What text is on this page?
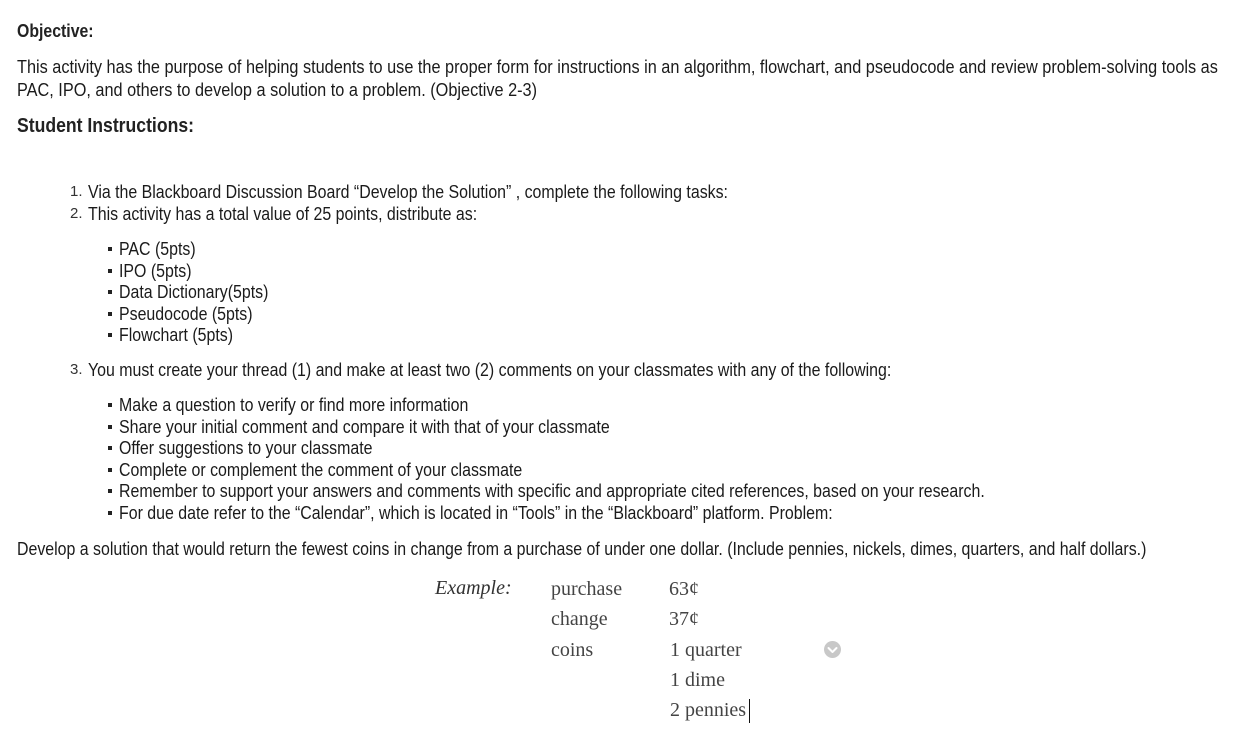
Objective:
This activity has the purpose of helping students to use the proper form for instructions in an algorithm, flowchart, and pseudocode and review problem-solving tools as PAC, IPO, and others to develop a solution to a problem. (Objective 2-3)
Student Instructions:
Develop a solution that would return the fewest coins in change from a purchase of under one dollar. (Include pennies, nickels, dimes, quarters, and half dollars.)
1. Via the Blackboard Discussion Board “Develop the Solution” , complete the following tasks:
2. This activity has a total value of 25 points, distribute as:
PAC (5pts)
IPO (5pts)
Data Dictionary(5pts)
Pseudocode (5pts)
Flowchart (5pts)
3. You must create your thread (1) and make at least two (2) comments on your classmates with any of the following:
Make a question to verify or find more information
Share your initial comment and compare it with that of your classmate
Offer suggestions to your classmate
Complete or complement the comment of your classmate
Remember to support your answers and comments with specific and appropriate cited references, based on your research.
For due date refer to the “Calendar”, which is located in “Tools” in the “Blackboard” platform. Problem:
Example: purchase 63¢
change	37¢
coins	1 quarter
1 dime
2 pennies
